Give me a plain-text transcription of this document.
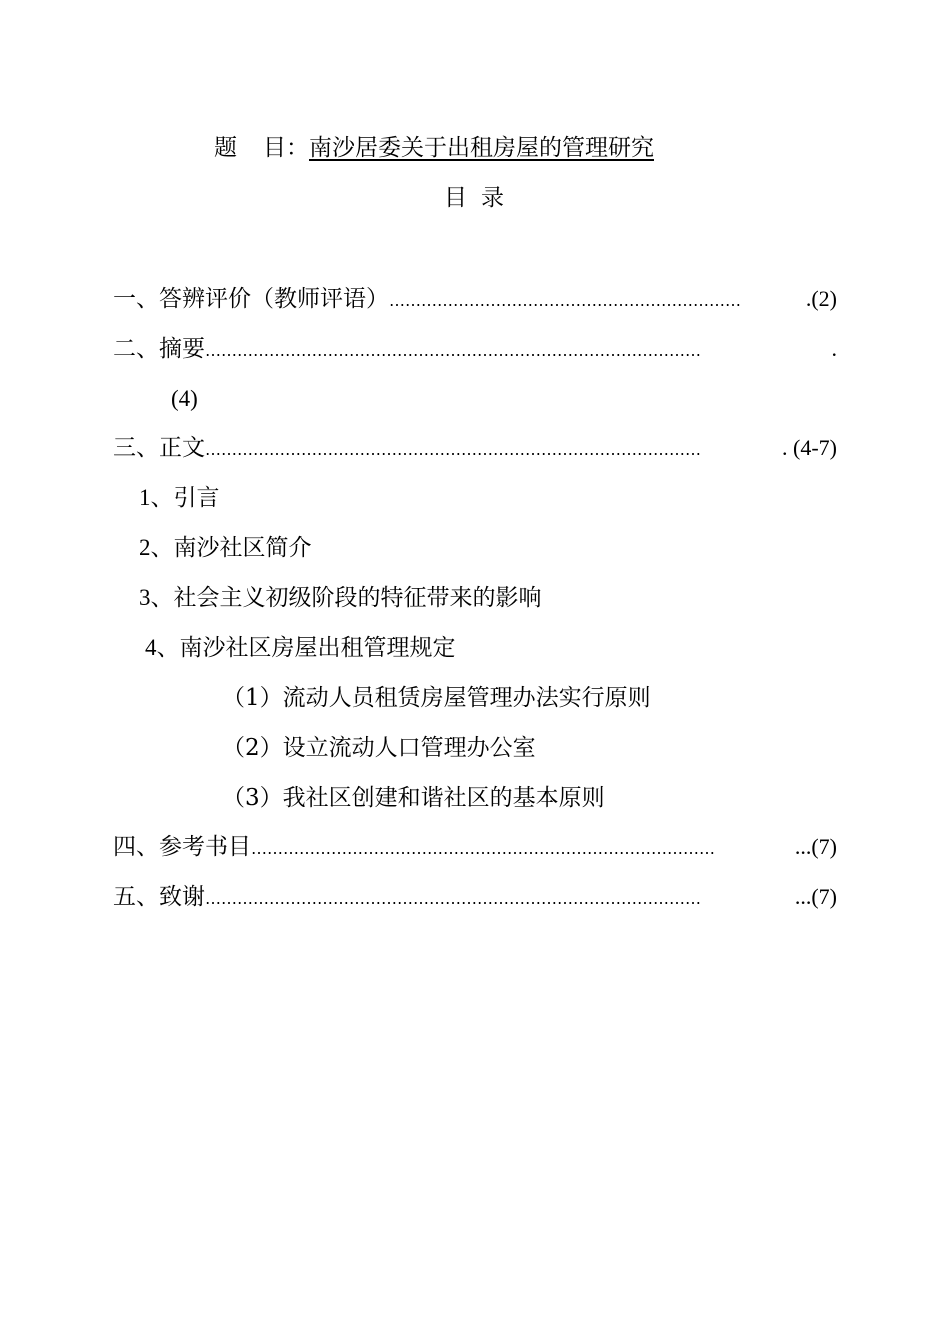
题 目：南沙居委关于出租房屋的管理研究
目 录
一、 答辨评价（教师评语） …………………………………………………………	.(2)
二、 摘要 …………………………………………………………………………………	.
(4)
三、 正文 …………………………………………………………………………………	. (4-7)
1、引言
2、南沙社区简介
3、社会主义初级阶段的特征带来的影响
4、南沙社区房屋出租管理规定
（1）流动人员租赁房屋管理办法实行原则
（2）设立流动人口管理办公室
（3）我社区创建和谐社区的基本原则
四、 参考书目 ……………………………………………………………………………	...(7)
五、 致谢 …………………………………………………………………………………	...(7)
